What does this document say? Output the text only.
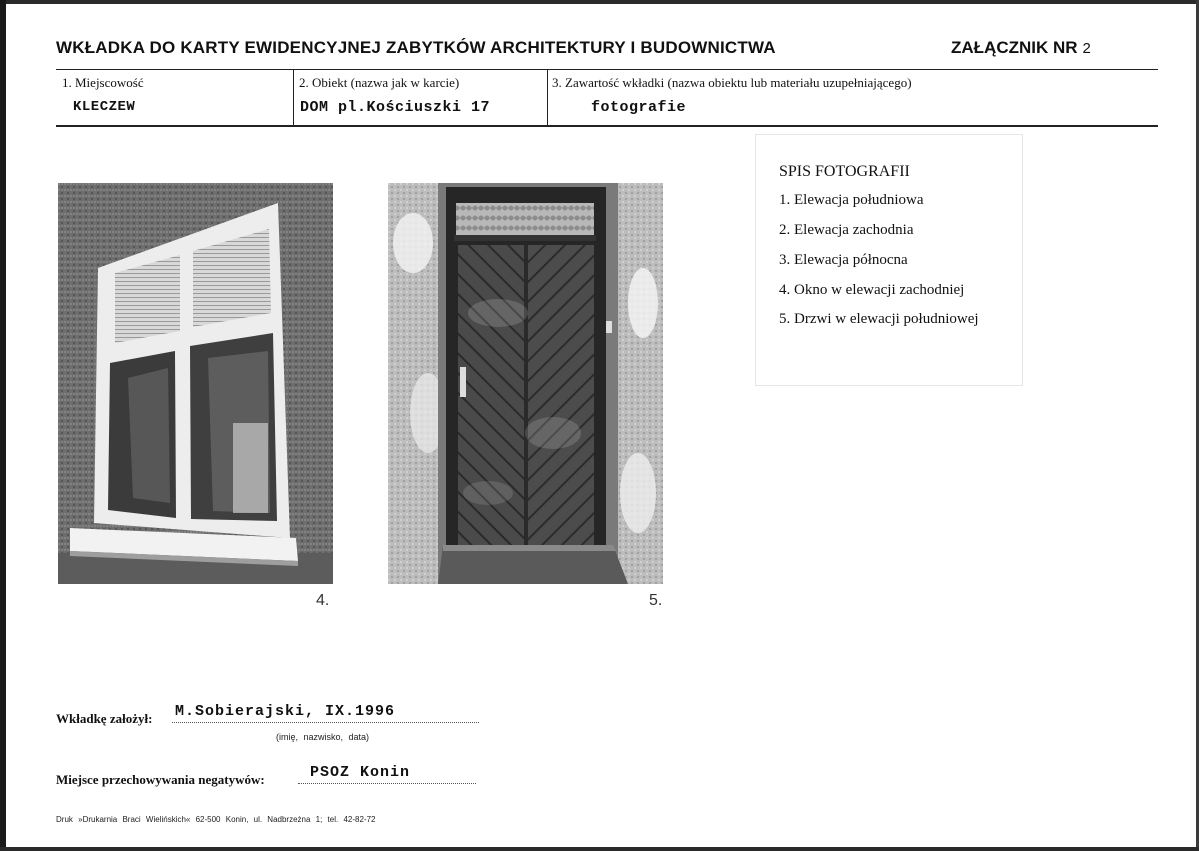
WKŁADKA DO KARTY EWIDENCYJNEJ ZABYTKÓW ARCHITEKTURY I BUDOWNICTWA	ZAŁĄCZNIK NR 2
1. Miejscowość
KLECZEW
2. Obiekt (nazwa jak w karcie)
DOM pl.Kościuszki 17
3. Zawartość wkładki (nazwa obiektu lub materiału uzupełniającego)
fotografie
4.	5.
SPIS FOTOGRAFII
1. Elewacja południowa
2. Elewacja zachodnia
3. Elewacja północna
4. Okno w elewacji zachodniej
5. Drzwi w elewacji południowej
Wkładkę założył: M.Sobierajski, IX.1996
(imię, nazwisko, data)
Miejsce przechowywania negatywów:	PSOZ Konin
Druk »Drukarnia Braci Wielińskich« 62-500 Konin, ul. Nadbrzeżna 1; tel. 42-82-72
